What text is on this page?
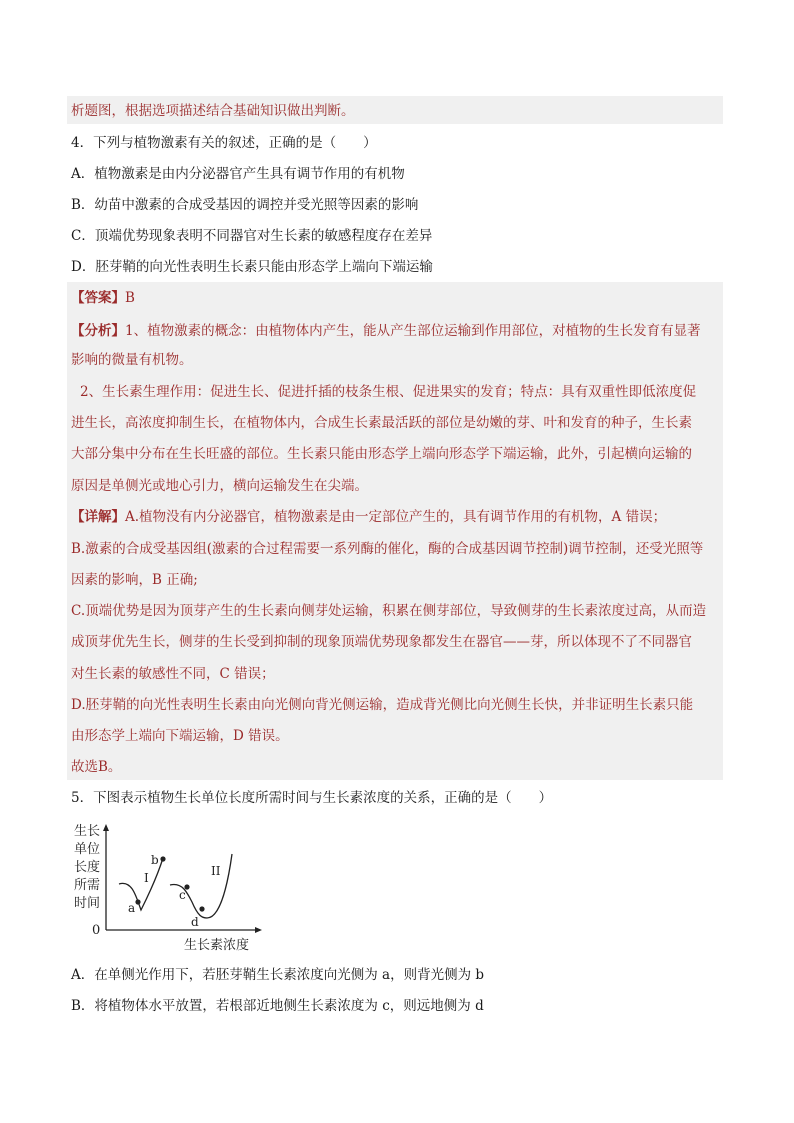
析题图，根据选项描述结合基础知识做出判断。
4．下列与植物激素有关的叙述，正确的是（　　）
A．植物激素是由内分泌器官产生具有调节作用的有机物
B．幼苗中激素的合成受基因的调控并受光照等因素的影响
C．顶端优势现象表明不同器官对生长素的敏感程度存在差异
D．胚芽鞘的向光性表明生长素只能由形态学上端向下端运输
【答案】B
【分析】1、植物激素的概念：由植物体内产生，能从产生部位运输到作用部位，对植物的生长发育有显著
影响的微量有机物。
2、生长素生理作用：促进生长、促进扦插的枝条生根、促进果实的发育；特点：具有双重性即低浓度促
进生长，高浓度抑制生长，在植物体内，合成生长素最活跃的部位是幼嫩的芽、叶和发育的种子，生长素
大部分集中分布在生长旺盛的部位。生长素只能由形态学上端向形态学下端运输，此外，引起横向运输的
原因是单侧光或地心引力，横向运输发生在尖端。
【详解】A.植物没有内分泌器官，植物激素是由一定部位产生的，具有调节作用的有机物，A 错误；
B.激素的合成受基因组(激素的合过程需要一系列酶的催化，酶的合成基因调节控制)调节控制，还受光照等
因素的影响，B 正确;
C.顶端优势是因为顶芽产生的生长素向侧芽处运输，积累在侧芽部位，导致侧芽的生长素浓度过高，从而造
成顶芽优先生长，侧芽的生长受到抑制的现象顶端优势现象都发生在器官——芽，所以体现不了不同器官
对生长素的敏感性不同，C 错误；
D.胚芽鞘的向光性表明生长素由向光侧向背光侧运输，造成背光侧比向光侧生长快，并非证明生长素只能
由形态学上端向下端运输，D 错误。
故选B。
5．下图表示植物生长单位长度所需时间与生长素浓度的关系，正确的是（　　）
生长
单位
长度
所需
时间
0
a
b
c
d
I	II
生长素浓度
A．在单侧光作用下，若胚芽鞘生长素浓度向光侧为 a，则背光侧为 b
B．将植物体水平放置，若根部近地侧生长素浓度为 c，则远地侧为 d
